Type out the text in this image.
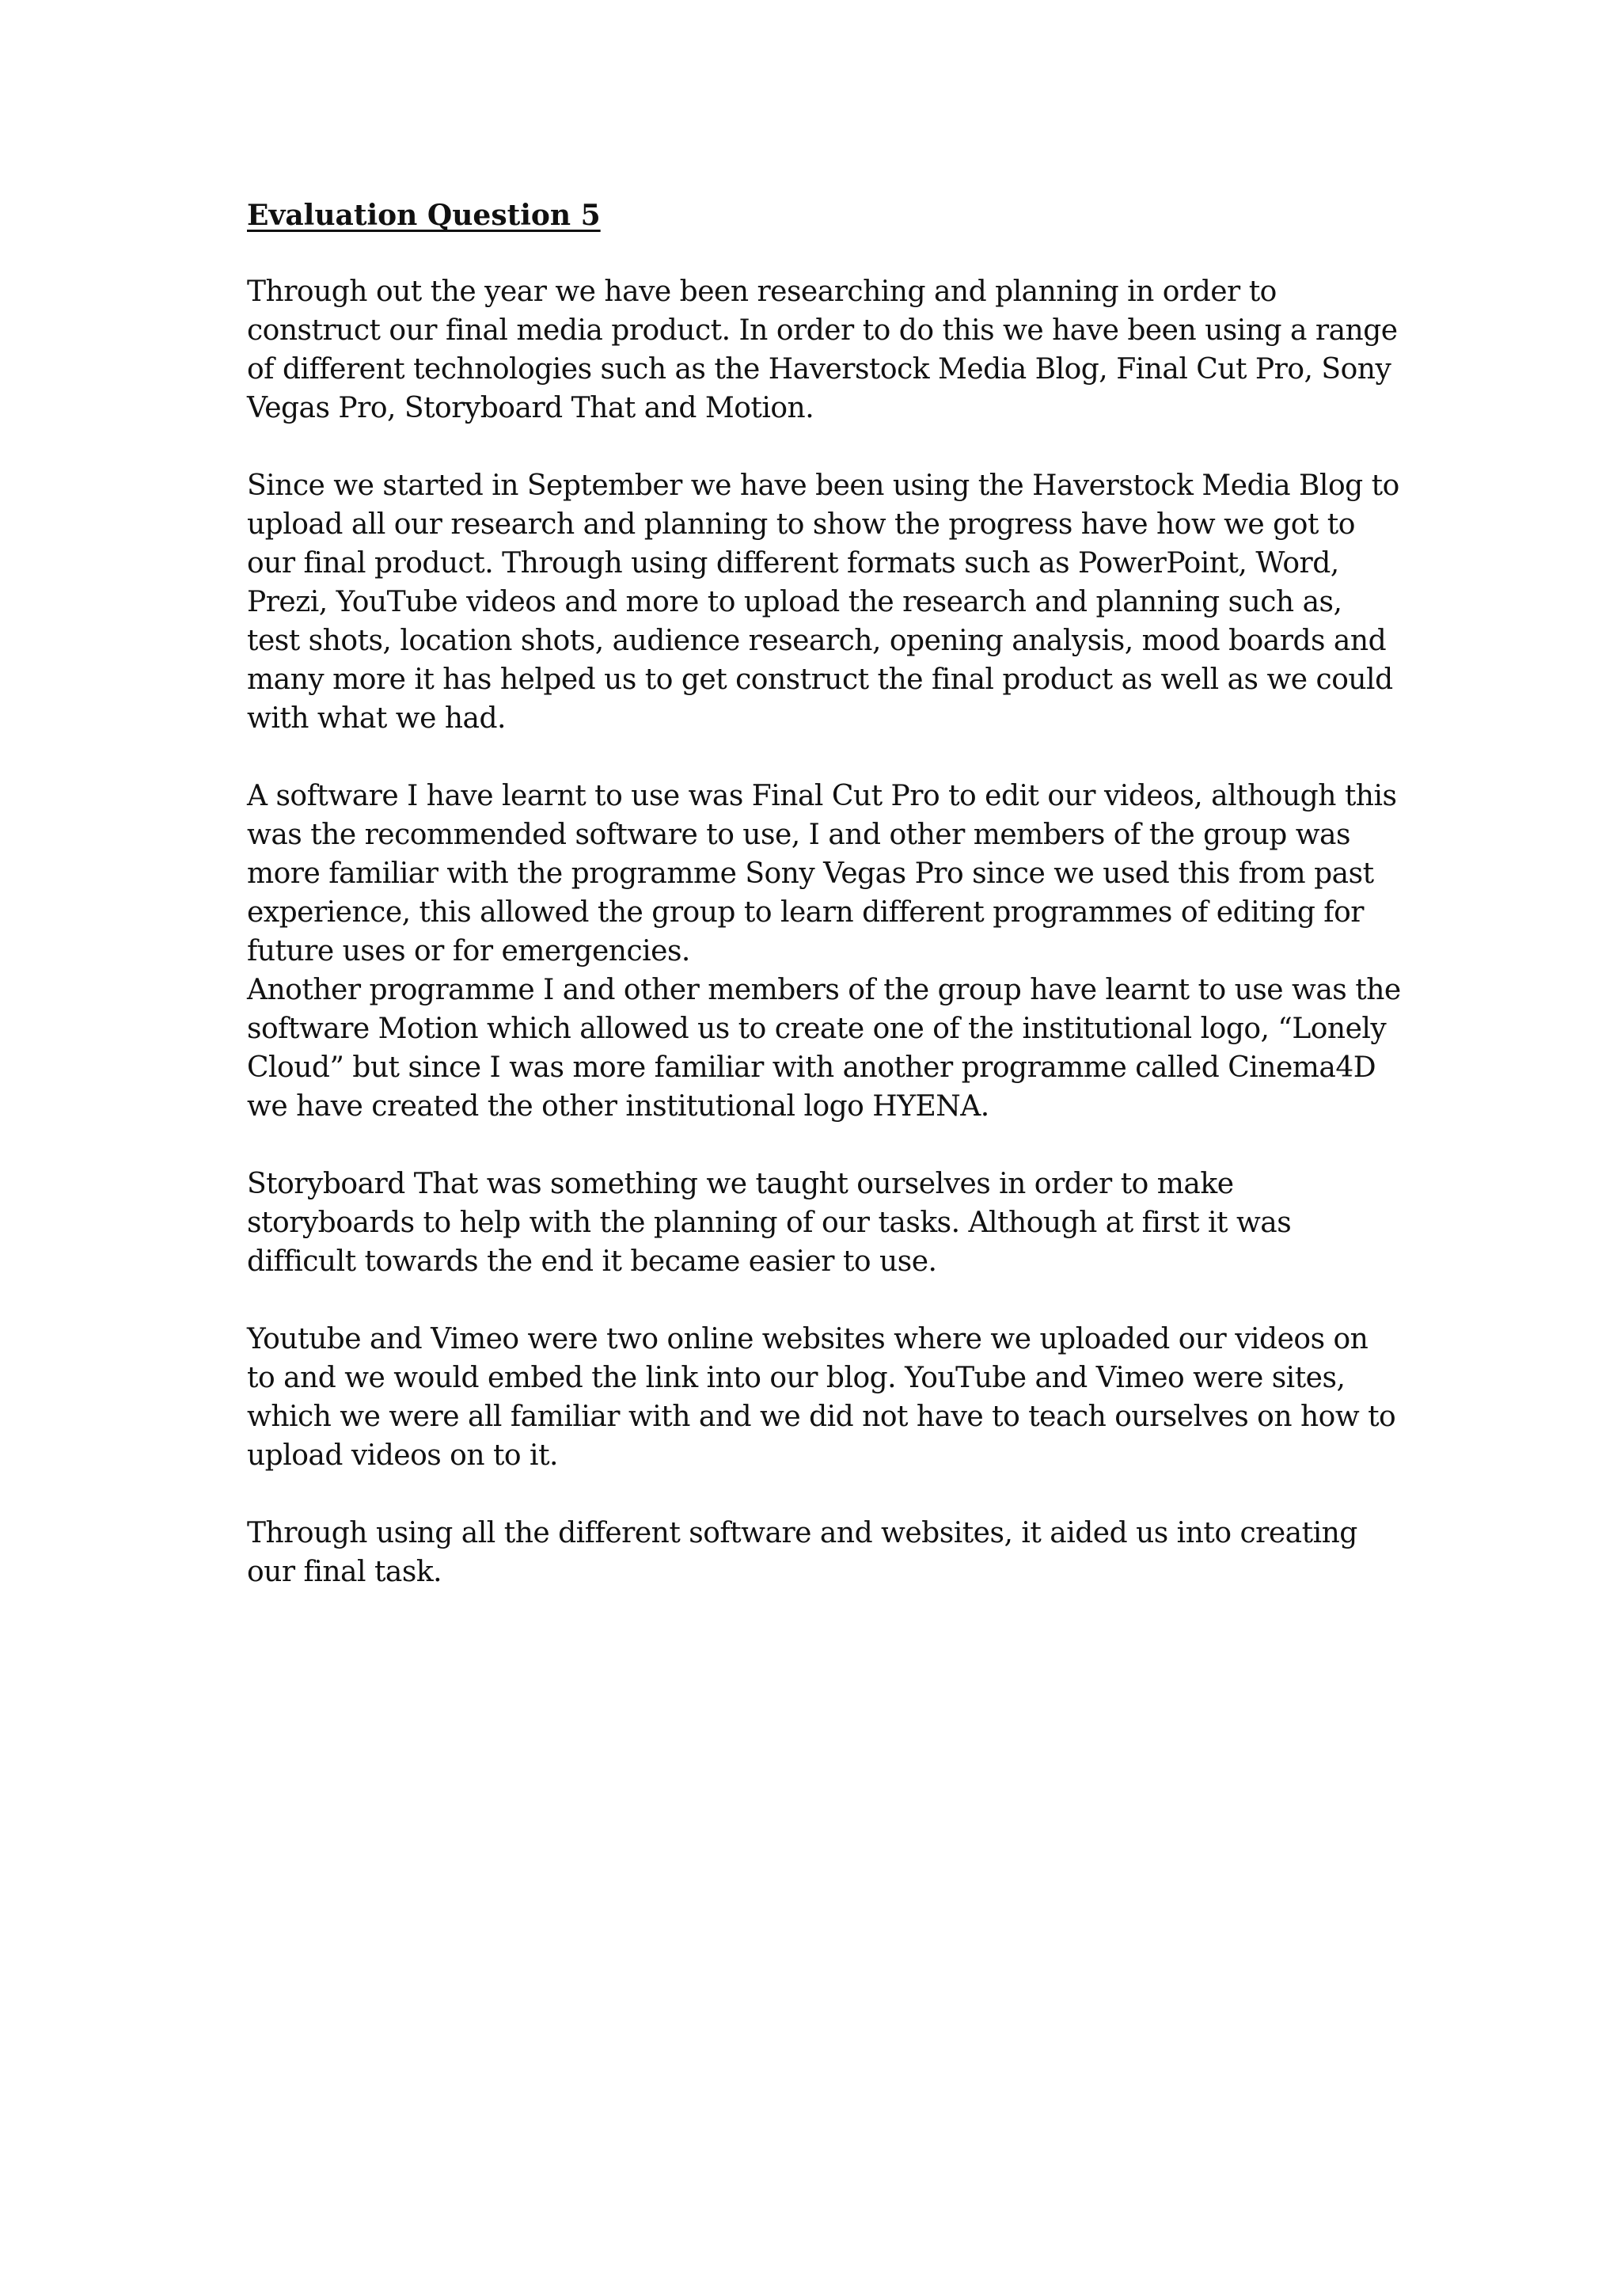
Evaluation Question 5

Through out the year we have been researching and planning in order to construct our final media product. In order to do this we have been using a range of different technologies such as the Haverstock Media Blog, Final Cut Pro, Sony Vegas Pro, Storyboard That and Motion.

Since we started in September we have been using the Haverstock Media Blog to upload all our research and planning to show the progress have how we got to our final product. Through using different formats such as PowerPoint, Word, Prezi, YouTube videos and more to upload the research and planning such as, test shots, location shots, audience research, opening analysis, mood boards and many more it has helped us to get construct the final product as well as we could with what we had.

A software I have learnt to use was Final Cut Pro to edit our videos, although this was the recommended software to use, I and other members of the group was more familiar with the programme Sony Vegas Pro since we used this from past experience, this allowed the group to learn different programmes of editing for future uses or for emergencies.

Another programme I and other members of the group have learnt to use was the software Motion which allowed us to create one of the institutional logo, “Lonely Cloud” but since I was more familiar with another programme called Cinema4D we have created the other institutional logo HYENA.

Storyboard That was something we taught ourselves in order to make storyboards to help with the planning of our tasks. Although at first it was difficult towards the end it became easier to use.

Youtube and Vimeo were two online websites where we uploaded our videos on to and we would embed the link into our blog. YouTube and Vimeo were sites, which we were all familiar with and we did not have to teach ourselves on how to upload videos on to it.

Through using all the different software and websites, it aided us into creating our final task.
